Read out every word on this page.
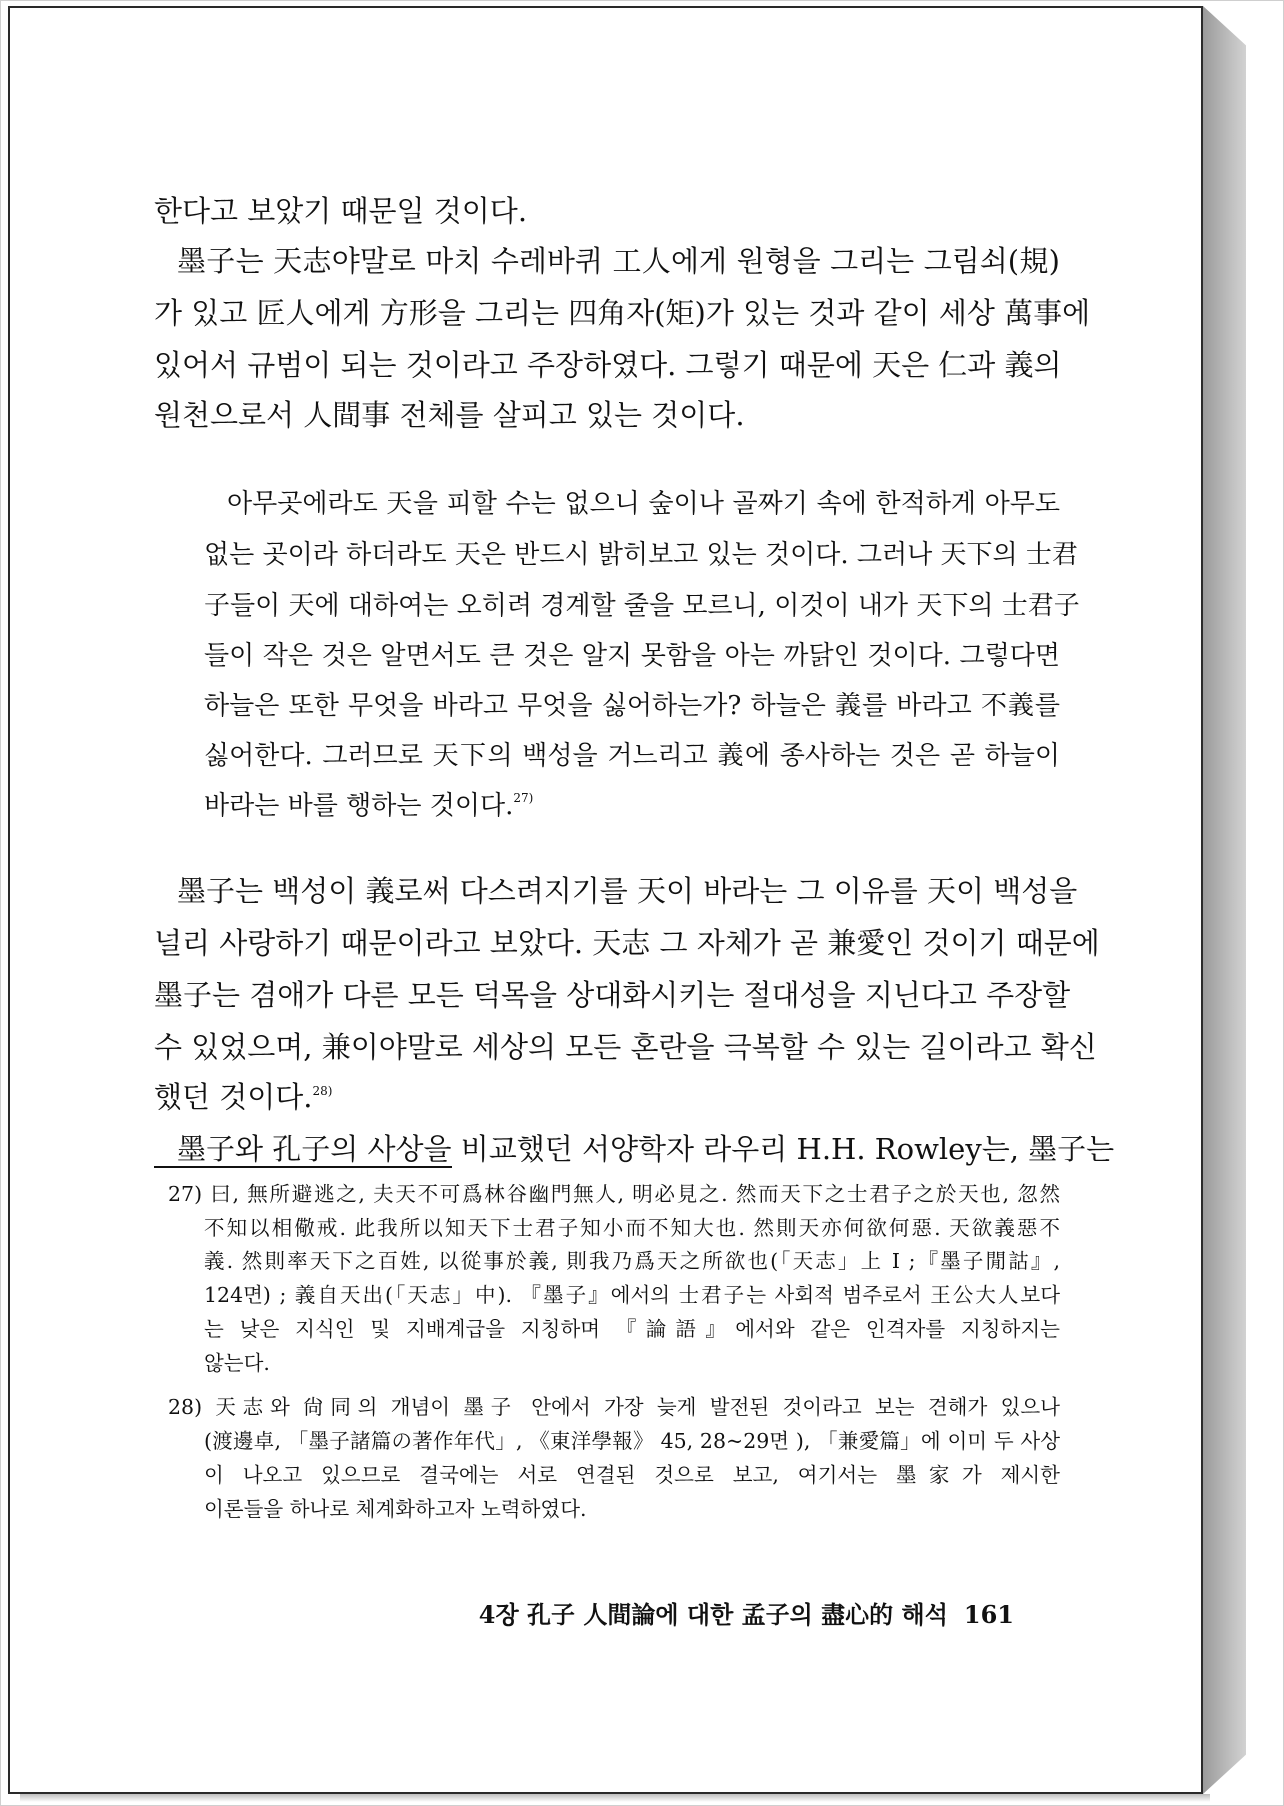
한다고 보았기 때문일 것이다.
墨子는 天志야말로 마치 수레바퀴 工人에게 원형을 그리는 그림쇠(規)
가 있고 匠人에게 方形을 그리는 四角자(矩)가 있는 것과 같이 세상 萬事에
있어서 규범이 되는 것이라고 주장하였다. 그렇기 때문에 天은 仁과 義의
원천으로서 人間事 전체를 살피고 있는 것이다.
아무곳에라도 天을 피할 수는 없으니 숲이나 골짜기 속에 한적하게 아무도
없는 곳이라 하더라도 天은 반드시 밝히보고 있는 것이다. 그러나 天下의 士君
子들이 天에 대하여는 오히려 경계할 줄을 모르니, 이것이 내가 天下의 士君子
들이 작은 것은 알면서도 큰 것은 알지 못함을 아는 까닭인 것이다. 그렇다면
하늘은 또한 무엇을 바라고 무엇을 싫어하는가? 하늘은 義를 바라고 不義를
싫어한다. 그러므로 天下의 백성을 거느리고 義에 종사하는 것은 곧 하늘이
바라는 바를 행하는 것이다.$^{27)}$
墨子는 백성이 義로써 다스려지기를 天이 바라는 그 이유를 天이 백성을
널리 사랑하기 때문이라고 보았다. 天志 그 자체가 곧 兼愛인 것이기 때문에
墨子는 겸애가 다른 모든 덕목을 상대화시키는 절대성을 지닌다고 주장할
수 있었으며, 兼이야말로 세상의 모든 혼란을 극복할 수 있는 길이라고 확신
했던 것이다.$^{28)}$
墨子와 孔子의 사상을 비교했던 서양학자 라우리 H.H. Rowley는, 墨子는
27) 曰, 無所避逃之, 夫天不可爲林谷幽門無人, 明必見之. 然而天下之士君子之於天也, 忽然
不知以相儆戒. 此我所以知天下士君子知小而不知大也. 然則天亦何欲何惡. 天欲義惡不
義. 然則率天下之百姓, 以從事於義, 則我乃爲天之所欲也(「天志」上 I ;『墨子閒詁』,
124면) ; 義自天出(「天志」中). 『墨子』에서의 士君子는 사회적 범주로서 王公大人보다
는 낮은 지식인 및 지배계급을 지칭하며 『論語』에서와 같은 인격자를 지칭하지는
않는다.
28) 天志와 尙同의 개념이 墨子 안에서 가장 늦게 발전된 것이라고 보는 견해가 있으나
(渡邊卓, 「墨子諸篇の著作年代」, 《東洋學報》 45, 28~29면 ), 「兼愛篇」에 이미 두 사상
이 나오고 있으므로 결국에는 서로 연결된 것으로 보고, 여기서는 墨家가 제시한
이론들을 하나로 체계화하고자 노력하였다.
4장 孔子 人間論에 대한 孟子의 盡心的 해석 161
